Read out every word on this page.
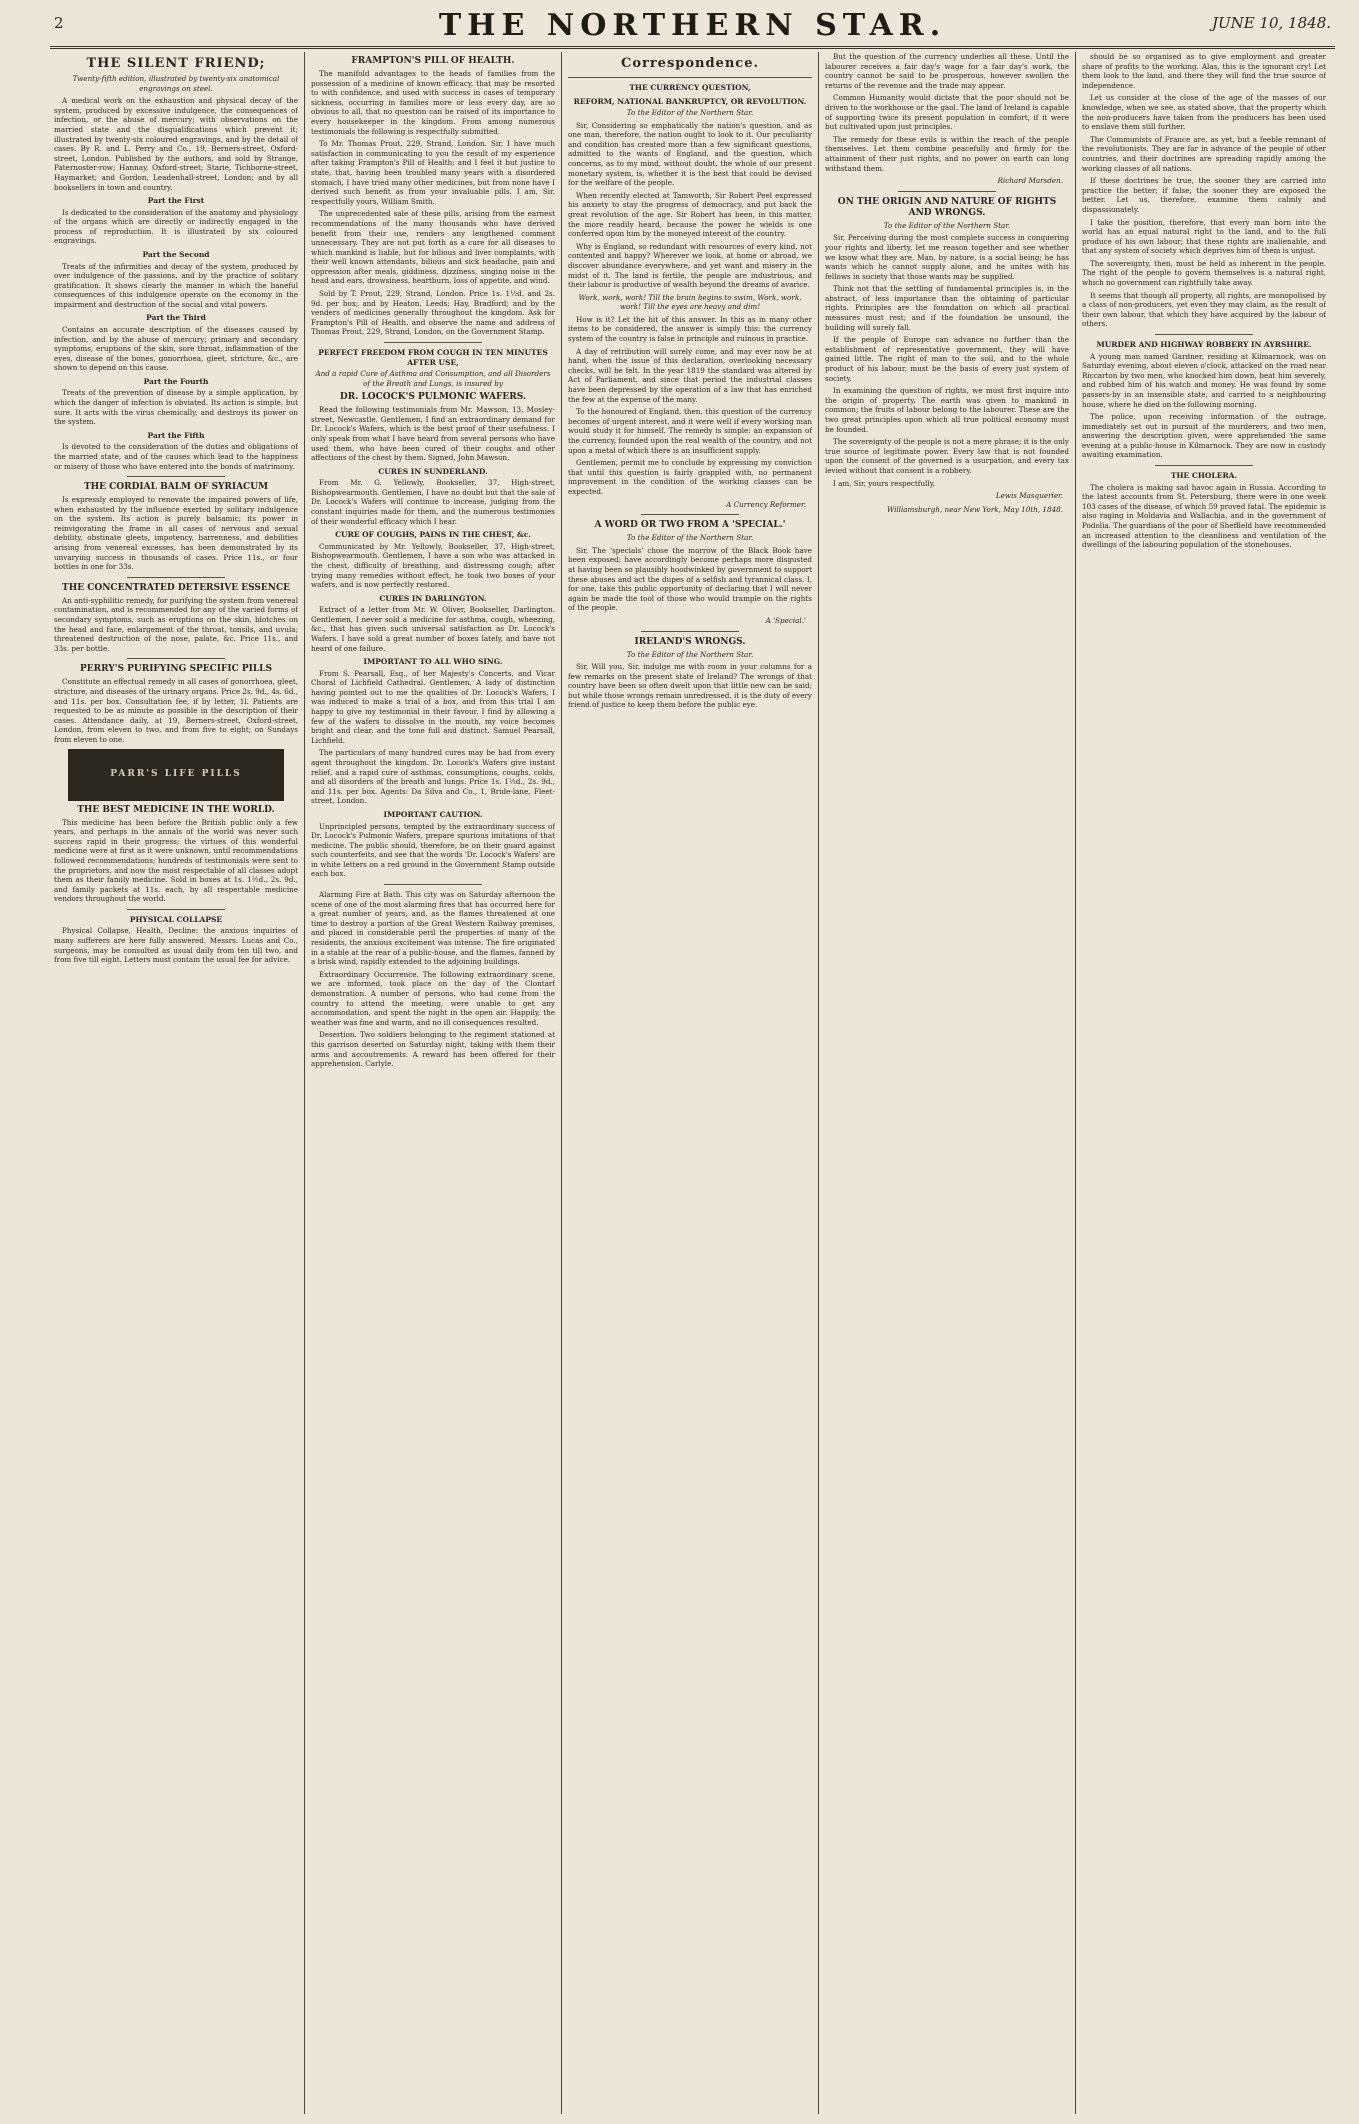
2	THE NORTHERN STAR.	JUNE 10, 1848.
THE SILENT FRIEND;
Twenty-fifth edition, illustrated by twenty-six anatomical engravings on steel.

A medical work on the exhaustion and physical decay of the system, produced by excessive indulgence, the consequences of infection, or the abuse of mercury; with observations on the married state and the disqualifications which prevent it; illustrated by twenty-six coloured engravings, and by the detail of cases. By R. and L. Perry and Co., 19, Berners-street, Oxford-street, London. Published by the authors, and sold by Strange, Paternoster-row; Hannay, Oxford-street; Starie, Tichborne-street, Haymarket; and Gordon, Leadenhall-street, London; and by all booksellers in town and country.

Part the First

Is dedicated to the consideration of the anatomy and physiology of the organs which are directly or indirectly engaged in the process of reproduction. It is illustrated by six coloured engravings.

Part the Second

Treats of the infirmities and decay of the system, produced by over indulgence of the passions, and by the practice of solitary gratification. It shows clearly the manner in which the baneful consequences of this indulgence operate on the economy in the impairment and destruction of the social and vital powers.

Part the Third

Contains an accurate description of the diseases caused by infection, and by the abuse of mercury; primary and secondary symptoms, eruptions of the skin, sore throat, inflammation of the eyes, disease of the bones, gonorrhoea, gleet, stricture, &c., are shown to depend on this cause.

Part the Fourth

Treats of the prevention of disease by a simple application, by which the danger of infection is obviated. Its action is simple, but sure. It acts with the virus chemically, and destroys its power on the system.

Part the Fifth

Is devoted to the consideration of the duties and obligations of the married state, and of the causes which lead to the happiness or misery of those who have entered into the bonds of matrimony.

THE CORDIAL BALM OF SYRIACUM

Is expressly employed to renovate the impaired powers of life, when exhausted by the influence exerted by solitary indulgence on the system. Its action is purely balsamic; its power in reinvigorating the frame in all cases of nervous and sexual debility, obstinate gleets, impotency, barrenness, and debilities arising from venereal excesses, has been demonstrated by its unvarying success in thousands of cases. Price 11s., or four bottles in one for 33s.

THE CONCENTRATED DETERSIVE ESSENCE

An anti-syphilitic remedy, for purifying the system from venereal contamination, and is recommended for any of the varied forms of secondary symptoms, such as eruptions on the skin, blotches on the head and face, enlargement of the throat, tonsils, and uvula; threatened destruction of the nose, palate, &c. Price 11s., and 33s. per bottle.

PERRY'S PURIFYING SPECIFIC PILLS

Constitute an effectual remedy in all cases of gonorrhoea, gleet, stricture, and diseases of the urinary organs. Price 2s. 9d., 4s. 6d., and 11s. per box. Consultation fee, if by letter, 1l. Patients are requested to be as minute as possible in the description of their cases. Attendance daily, at 19, Berners-street, Oxford-street, London, from eleven to two, and from five to eight; on Sundays from eleven to one.

PARR'S LIFE PILLS
THE BEST MEDICINE IN THE WORLD.

This medicine has been before the British public only a few years, and perhaps in the annals of the world was never such success rapid in their progress; the virtues of this wonderful medicine were at first as it were unknown, until recommendations followed recommendations; hundreds of testimonials were sent to the proprietors, and now the most respectable of all classes adopt them as their family medicine. Sold in boxes at 1s. 1½d., 2s. 9d., and family packets at 11s. each, by all respectable medicine vendors throughout the world.

PHYSICAL COLLAPSE

Physical Collapse, Health, Decline: the anxious inquiries of many sufferers are here fully answered. Messrs. Lucas and Co., surgeons, may be consulted as usual daily from ten till two, and from five till eight. Letters must contain the usual fee for advice.

FRAMPTON'S PILL OF HEALTH.

The manifold advantages to the heads of families from the possession of a medicine of known efficacy, that may be resorted to with confidence, and used with success in cases of temporary sickness, occurring in families more or less every day, are so obvious to all, that no question can be raised of its importance to every housekeeper in the kingdom. From among numerous testimonials the following is respectfully submitted.

To Mr. Thomas Prout, 229, Strand, London. Sir, I have much satisfaction in communicating to you the result of my experience after taking Frampton's Pill of Health; and I feel it but justice to state, that, having been troubled many years with a disordered stomach, I have tried many other medicines, but from none have I derived such benefit as from your invaluable pills. I am, Sir, respectfully yours, William Smith.

The unprecedented sale of these pills, arising from the earnest recommendations of the many thousands who have derived benefit from their use, renders any lengthened comment unnecessary. They are not put forth as a cure for all diseases to which mankind is liable, but for bilious and liver complaints, with their well known attendants, bilious and sick headache, pain and oppression after meals, giddiness, dizziness, singing noise in the head and ears, drowsiness, heartburn, loss of appetite, and wind.

Sold by T. Prout, 229, Strand, London. Price 1s. 1½d. and 2s. 9d. per box; and by Heaton, Leeds; Hay, Bradford; and by the venders of medicines generally throughout the kingdom. Ask for Frampton's Pill of Health, and observe the name and address of Thomas Prout, 229, Strand, London, on the Government Stamp.

PERFECT FREEDOM FROM COUGH IN TEN MINUTES AFTER USE,
And a rapid Cure of Asthma and Consumption, and all Disorders of the Breath and Lungs, is insured by
DR. LOCOCK'S PULMONIC WAFERS.

Read the following testimonials from Mr. Mawson, 13, Mosley-street, Newcastle. Gentlemen, I find an extraordinary demand for Dr. Locock's Wafers, which is the best proof of their usefulness. I only speak from what I have heard from several persons who have used them, who have been cured of their coughs and other affections of the chest by them. Signed, John Mawson.

CURES IN SUNDERLAND.

From Mr. G. Yellowly, Bookseller, 37, High-street, Bishopwearmouth. Gentlemen, I have no doubt but that the sale of Dr. Locock's Wafers will continue to increase, judging from the constant inquiries made for them, and the numerous testimonies of their wonderful efficacy which I hear.

CURE OF COUGHS, PAINS IN THE CHEST, &c.

Communicated by Mr. Yellowly, Bookseller, 37, High-street, Bishopwearmouth. Gentlemen, I have a son who was attacked in the chest, difficulty of breathing, and distressing cough; after trying many remedies without effect, he took two boxes of your wafers, and is now perfectly restored.

CURES IN DARLINGTON.

Extract of a letter from Mr. W. Oliver, Bookseller, Darlington. Gentlemen, I never sold a medicine for asthma, cough, wheezing, &c., that has given such universal satisfaction as Dr. Locock's Wafers. I have sold a great number of boxes lately, and have not heard of one failure.

IMPORTANT TO ALL WHO SING.

From S. Pearsall, Esq., of her Majesty's Concerts, and Vicar Choral of Lichfield Cathedral. Gentlemen, A lady of distinction having pointed out to me the qualities of Dr. Locock's Wafers, I was induced to make a trial of a box, and from this trial I am happy to give my testimonial in their favour. I find by allowing a few of the wafers to dissolve in the mouth, my voice becomes bright and clear, and the tone full and distinct. Samuel Pearsall, Lichfield.

The particulars of many hundred cures may be had from every agent throughout the kingdom. Dr. Locock's Wafers give instant relief, and a rapid cure of asthmas, consumptions, coughs, colds, and all disorders of the breath and lungs. Price 1s. 1½d., 2s. 9d., and 11s. per box. Agents: Da Silva and Co., 1, Bride-lane, Fleet-street, London.

IMPORTANT CAUTION.

Unprincipled persons, tempted by the extraordinary success of Dr. Locock's Pulmonic Wafers, prepare spurious imitations of that medicine. The public should, therefore, be on their guard against such counterfeits, and see that the words 'Dr. Locock's Wafers' are in white letters on a red ground in the Government Stamp outside each box.

Alarming Fire at Bath. This city was on Saturday afternoon the scene of one of the most alarming fires that has occurred here for a great number of years, and, as the flames threatened at one time to destroy a portion of the Great Western Railway premises, and placed in considerable peril the properties of many of the residents, the anxious excitement was intense. The fire originated in a stable at the rear of a public-house, and the flames, fanned by a brisk wind, rapidly extended to the adjoining buildings.

Extraordinary Occurrence. The following extraordinary scene, we are informed, took place on the day of the Clontarf demonstration. A number of persons, who had come from the country to attend the meeting, were unable to get any accommodation, and spent the night in the open air. Happily, the weather was fine and warm, and no ill consequences resulted.

Desertion. Two soldiers belonging to the regiment stationed at this garrison deserted on Saturday night, taking with them their arms and accoutrements. A reward has been offered for their apprehension. Carlyle.

Correspondence.
THE CURRENCY QUESTION,
REFORM, NATIONAL BANKRUPTCY, OR REVOLUTION.
To the Editor of the Northern Star.

Sir, Considering so emphatically the nation's question, and as one man, therefore, the nation ought to look to it. Our peculiarity and condition has created more than a few significant questions, admitted to the wants of England, and the question, which concerns, as to my mind, without doubt, the whole of our present monetary system, is, whether it is the best that could be devised for the welfare of the people.

When recently elected at Tamworth, Sir Robert Peel expressed his anxiety to stay the progress of democracy, and put back the great revolution of the age. Sir Robert has been, in this matter, the more readily heard, because the power he wields is one conferred upon him by the moneyed interest of the country.

Why is England, so redundant with resources of every kind, not contented and happy? Wherever we look, at home or abroad, we discover abundance everywhere, and yet want and misery in the midst of it. The land is fertile, the people are industrious, and their labour is productive of wealth beyond the dreams of avarice.

Work, work, work! Till the brain begins to swim, Work, work, work! Till the eyes are heavy and dim!

How is it? Let the hit of this answer. In this as in many other items to be considered, the answer is simply this: the currency system of the country is false in principle and ruinous in practice.

A day of retribution will surely come, and may ever now be at hand, when the issue of this declaration, overlooking necessary checks, will be felt. In the year 1819 the standard was altered by Act of Parliament, and since that period the industrial classes have been depressed by the operation of a law that has enriched the few at the expense of the many.

To the honoured of England, then, this question of the currency becomes of urgent interest, and it were well if every working man would study it for himself. The remedy is simple: an expansion of the currency, founded upon the real wealth of the country, and not upon a metal of which there is an insufficient supply.

Gentlemen, permit me to conclude by expressing my conviction that until this question is fairly grappled with, no permanent improvement in the condition of the working classes can be expected.

A Currency Reformer.
A WORD OR TWO FROM A 'SPECIAL.'
To the Editor of the Northern Star.

Sir, The 'specials' chose the morrow of the Black Book have been exposed; have accordingly become perhaps more disgusted at having been so plausibly hoodwinked by government to support these abuses and act the dupes of a selfish and tyrannical class. I, for one, take this public opportunity of declaring that I will never again be made the tool of those who would trample on the rights of the people.

A 'Special.'
IRELAND'S WRONGS.
To the Editor of the Northern Star.

Sir, Will you, Sir, indulge me with room in your columns for a few remarks on the present state of Ireland? The wrongs of that country have been so often dwelt upon that little new can be said; but while those wrongs remain unredressed, it is the duty of every friend of justice to keep them before the public eye.

But the question of the currency underlies all these. Until the labourer receives a fair day's wage for a fair day's work, the country cannot be said to be prosperous, however swollen the returns of the revenue and the trade may appear.

Common Humanity would dictate that the poor should not be driven to the workhouse or the gaol. The land of Ireland is capable of supporting twice its present population in comfort, if it were but cultivated upon just principles.

The remedy for these evils is within the reach of the people themselves. Let them combine peacefully and firmly for the attainment of their just rights, and no power on earth can long withstand them.

Richard Marsden.
ON THE ORIGIN AND NATURE OF RIGHTS AND WRONGS.
To the Editor of the Northern Star.

Sir, Perceiving during the most complete success in conquering your rights and liberty, let me reason together and see whether we know what they are. Man, by nature, is a social being; he has wants which he cannot supply alone, and he unites with his fellows in society that those wants may be supplied.

Think not that the settling of fundamental principles is, in the abstract, of less importance than the obtaining of particular rights. Principles are the foundation on which all practical measures must rest; and if the foundation be unsound, the building will surely fall.

If the people of Europe can advance no further than the establishment of representative government, they will have gained little. The right of man to the soil, and to the whole product of his labour, must be the basis of every just system of society.

In examining the question of rights, we must first inquire into the origin of property. The earth was given to mankind in common; the fruits of labour belong to the labourer. These are the two great principles upon which all true political economy must be founded.

The sovereignty of the people is not a mere phrase; it is the only true source of legitimate power. Every law that is not founded upon the consent of the governed is a usurpation, and every tax levied without that consent is a robbery.

I am, Sir, yours respectfully,

Lewis Masquerier.
Williamsburgh, near New York, May 10th, 1848.

should be so organised as to give employment and greater share of profits to the working. Alas, this is the ignorant cry! Let them look to the land, and there they will find the true source of independence.

Let us consider at the close of the age of the masses of our knowledge, when we see, as stated above, that the property which the non-producers have taken from the producers has been used to enslave them still further.

The Communists of France are, as yet, but a feeble remnant of the revolutionists. They are far in advance of the people of other countries, and their doctrines are spreading rapidly among the working classes of all nations.

If these doctrines be true, the sooner they are carried into practice the better; if false, the sooner they are exposed the better. Let us, therefore, examine them calmly and dispassionately.

I take the position, therefore, that every man born into the world has an equal natural right to the land, and to the full produce of his own labour; that these rights are inalienable, and that any system of society which deprives him of them is unjust.

The sovereignty, then, must be held as inherent in the people. The right of the people to govern themselves is a natural right, which no government can rightfully take away.

It seems that though all property, all rights, are monopolised by a class of non-producers, yet even they may claim, as the result of their own labour, that which they have acquired by the labour of others.

MURDER AND HIGHWAY ROBBERY IN AYRSHIRE.

A young man named Gardner, residing at Kilmarnock, was on Saturday evening, about eleven o'clock, attacked on the road near Riccarton by two men, who knocked him down, beat him severely, and robbed him of his watch and money. He was found by some passers-by in an insensible state, and carried to a neighbouring house, where he died on the following morning.

The police, upon receiving information of the outrage, immediately set out in pursuit of the murderers, and two men, answering the description given, were apprehended the same evening at a public-house in Kilmarnock. They are now in custody awaiting examination.

THE CHOLERA.

The cholera is making sad havoc again in Russia. According to the latest accounts from St. Petersburg, there were in one week 103 cases of the disease, of which 59 proved fatal. The epidemic is also raging in Moldavia and Wallachia, and in the government of Podolia. The guardians of the poor of Sheffield have recommended an increased attention to the cleanliness and ventilation of the dwellings of the labouring population of the stonehouses.
